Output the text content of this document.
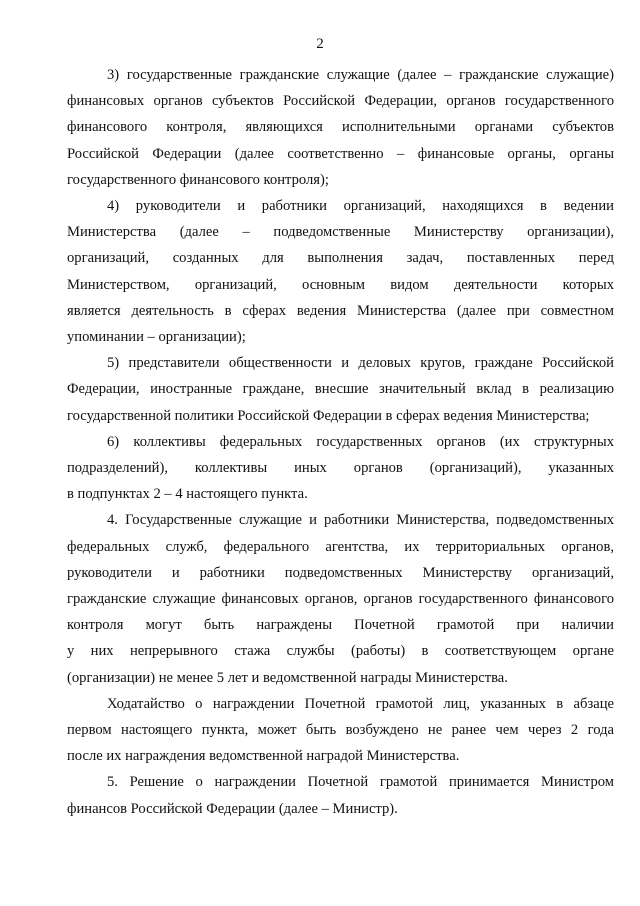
2
3) государственные гражданские служащие (далее – гражданские служащие)
финансовых органов субъектов Российской Федерации, органов государственного
финансового контроля, являющихся исполнительными органами субъектов
Российской Федерации (далее соответственно – финансовые органы, органы
государственного финансового контроля);
4) руководители и работники организаций, находящихся в ведении
Министерства (далее – подведомственные Министерству организации),
организаций, созданных для выполнения задач, поставленных перед
Министерством, организаций, основным видом деятельности которых
является деятельность в сферах ведения Министерства (далее при совместном
упоминании – организации);
5) представители общественности и деловых кругов, граждане Российской
Федерации, иностранные граждане, внесшие значительный вклад в реализацию
государственной политики Российской Федерации в сферах ведения Министерства;
6) коллективы федеральных государственных органов (их структурных
подразделений), коллективы иных органов (организаций), указанных
в подпунктах 2 – 4 настоящего пункта.
4. Государственные служащие и работники Министерства, подведомственных
федеральных служб, федерального агентства, их территориальных органов,
руководители и работники подведомственных Министерству организаций,
гражданские служащие финансовых органов, органов государственного финансового
контроля могут быть награждены Почетной грамотой при наличии
у них непрерывного стажа службы (работы) в соответствующем органе
(организации) не менее 5 лет и ведомственной награды Министерства.
Ходатайство о награждении Почетной грамотой лиц, указанных в абзаце
первом настоящего пункта, может быть возбуждено не ранее чем через 2 года
после их награждения ведомственной наградой Министерства.
5. Решение о награждении Почетной грамотой принимается Министром
финансов Российской Федерации (далее – Министр).
